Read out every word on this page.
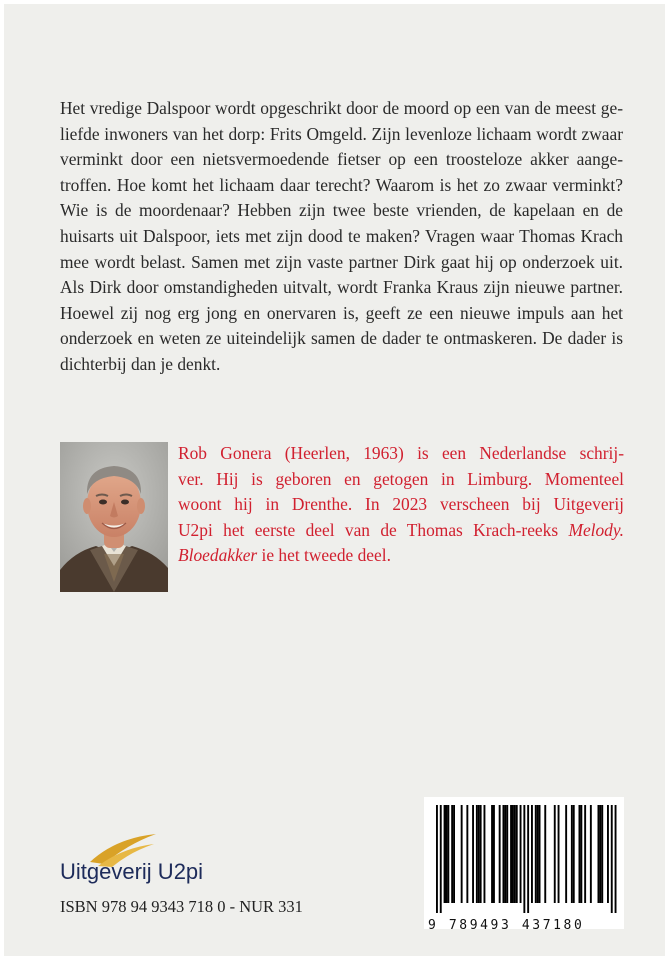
Het vredige Dalspoor wordt opgeschrikt door de moord op een van de meest ge-
liefde inwoners van het dorp: Frits Omgeld. Zijn levenloze lichaam wordt zwaar
verminkt door een nietsvermoedende fietser op een troosteloze akker aange-
troffen. Hoe komt het lichaam daar terecht? Waarom is het zo zwaar verminkt?
Wie is de moordenaar? Hebben zijn twee beste vrienden, de kapelaan en de
huisarts uit Dalspoor, iets met zijn dood te maken? Vragen waar Thomas Krach
mee wordt belast. Samen met zijn vaste partner Dirk gaat hij op onderzoek uit.
Als Dirk door omstandigheden uitvalt, wordt Franka Kraus zijn nieuwe partner.
Hoewel zij nog erg jong en onervaren is, geeft ze een nieuwe impuls aan het
onderzoek en weten ze uiteindelijk samen de dader te ontmaskeren. De dader is
dichterbij dan je denkt.
Rob Gonera (Heerlen, 1963) is een Nederlandse schrij-
ver. Hij is geboren en getogen in Limburg. Momenteel
woont hij in Drenthe. In 2023 verscheen bij Uitgeverij
U2pi het eerste deel van de Thomas Krach-reeks Melody.
Bloedakker ie het tweede deel.
Uitgeverij U2pi
ISBN 978 94 9343 718 0 - NUR 331
9 789493 437180
